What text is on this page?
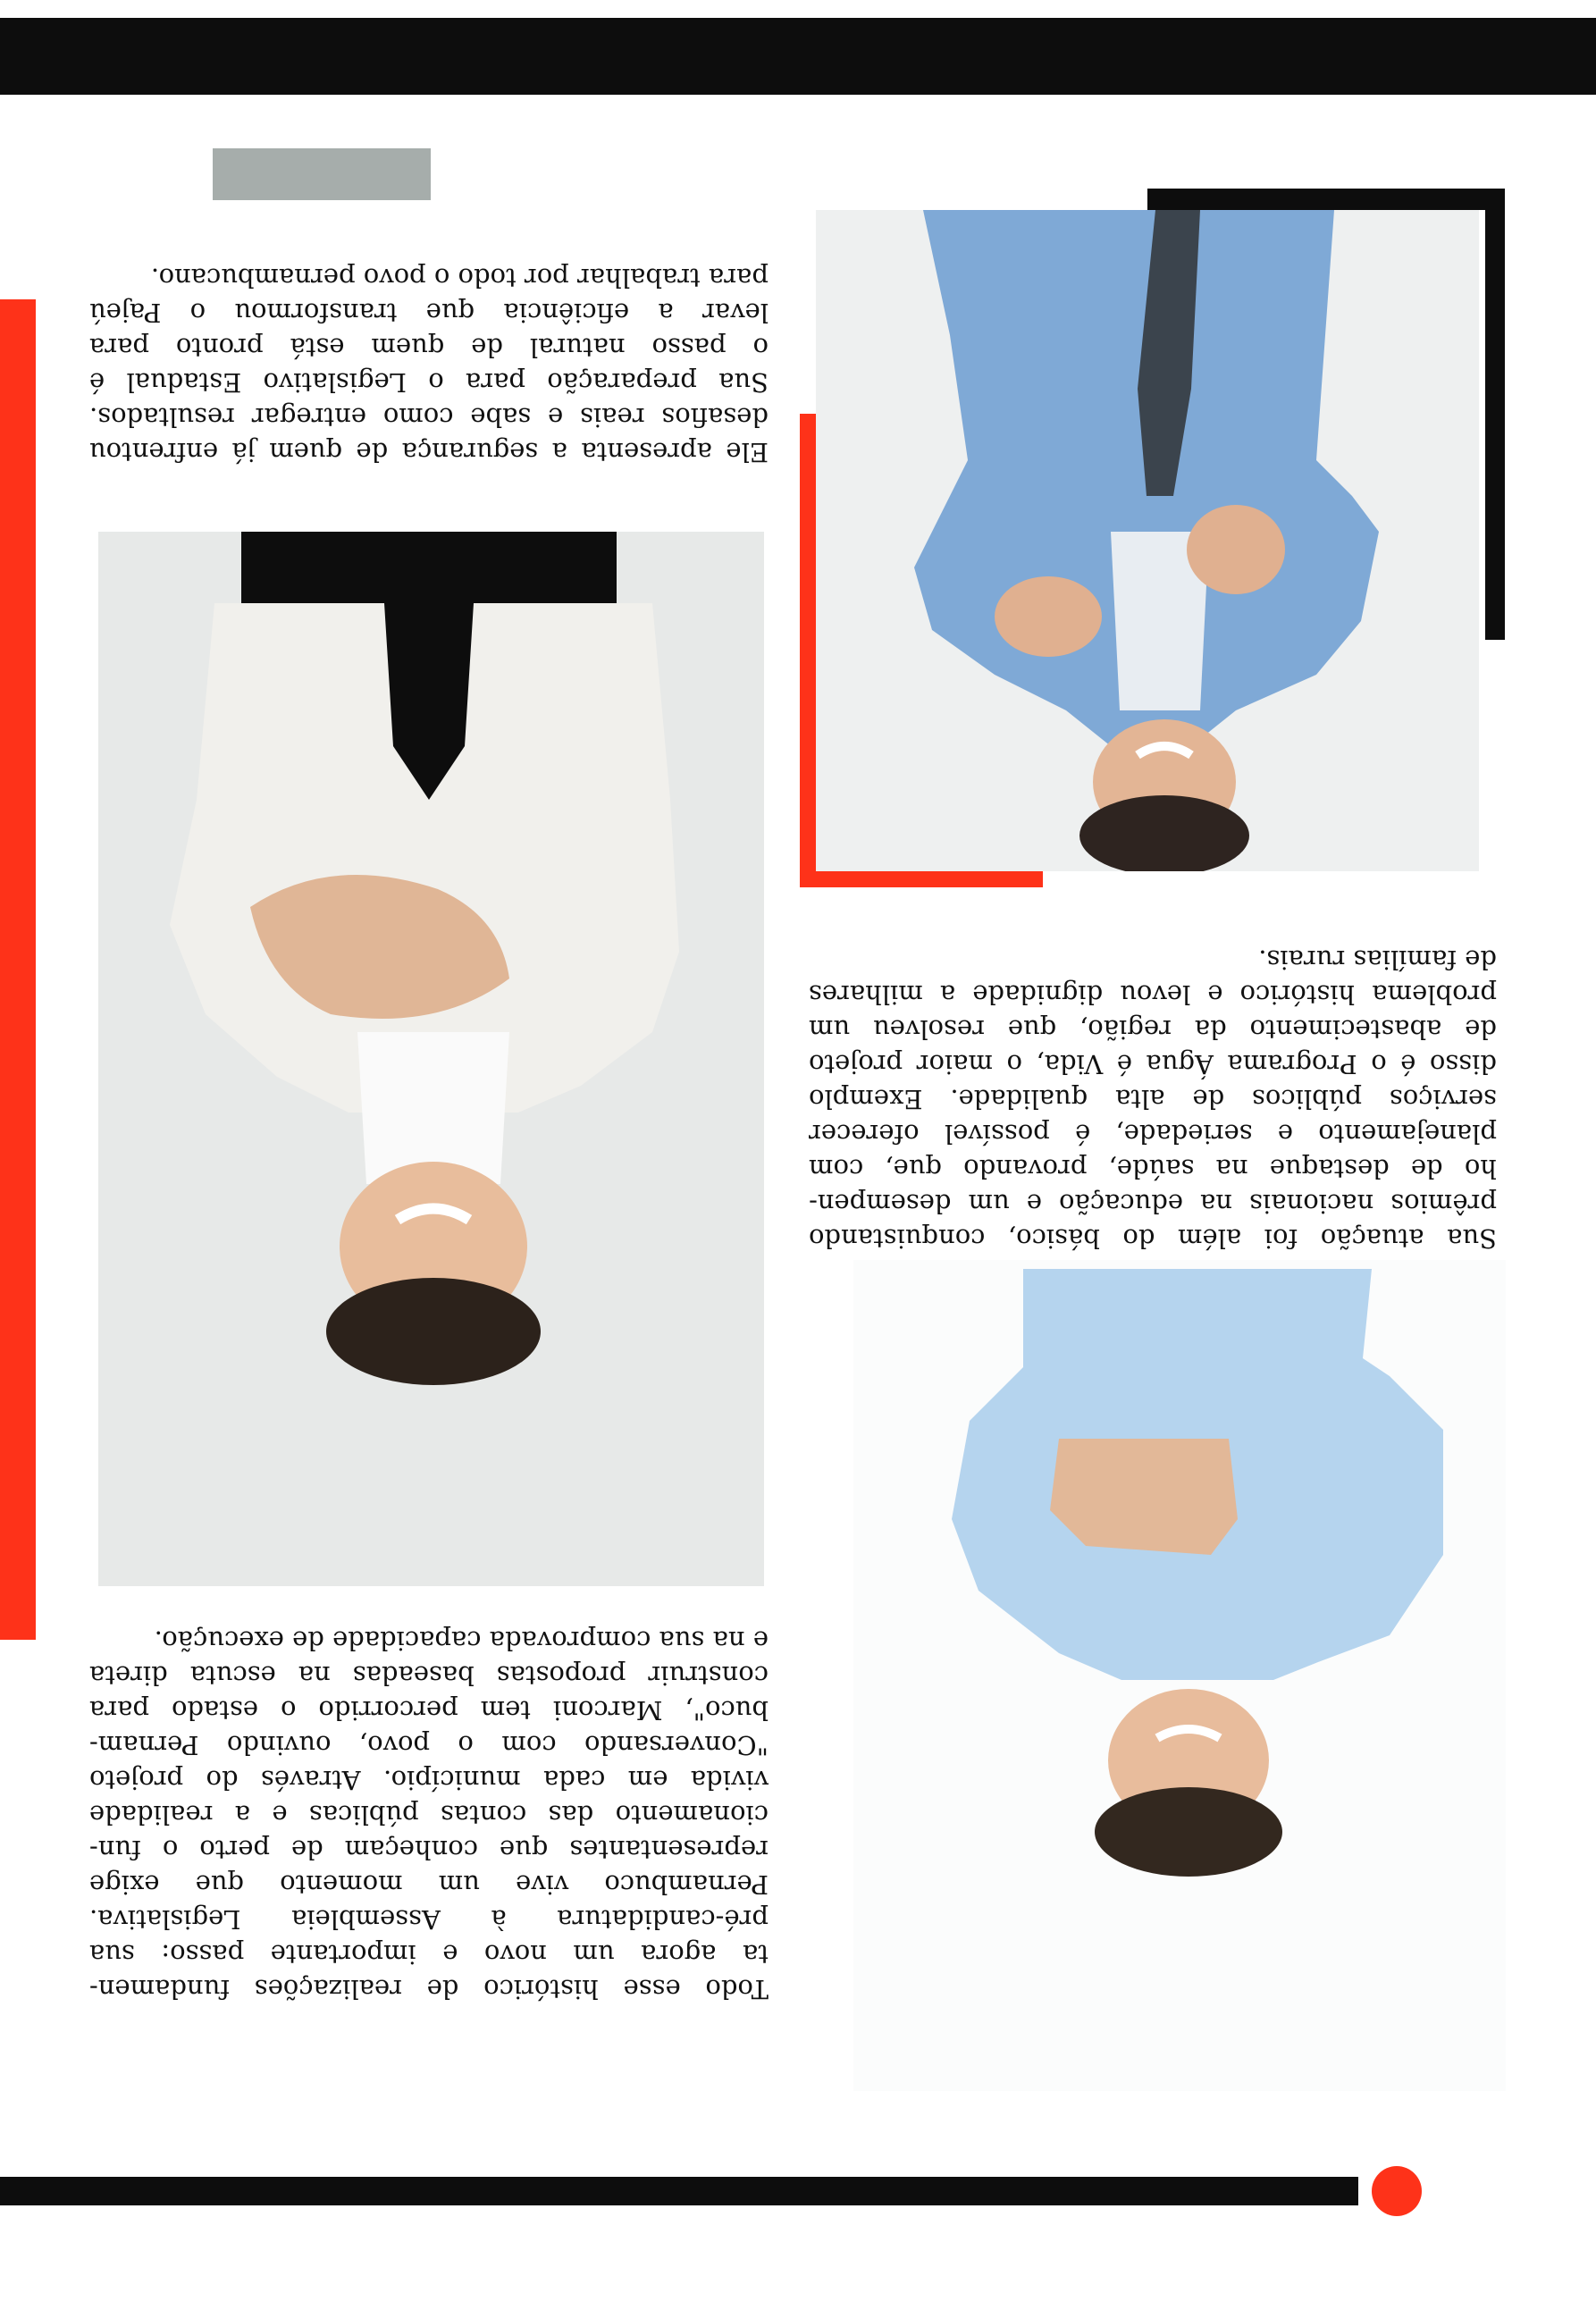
Sua atuação foi além do básico, conquistando
prêmios nacionais na educação e um desempen-
ho de destaque na saúde, provando que, com
planejamento e seriedade, é possível oferecer
serviços públicos de alta qualidade. Exemplo
disso é o Programa Água é Vida, o maior projeto
de abastecimento da região, que resolveu um
problema histórico e levou dignidade a milhares
de famílias rurais.

Ele apresenta a segurança de quem já enfrentou
desafios reais e sabe como entregar resultados.
Sua preparação para o Legislativo Estadual é
o passo natural de quem está pronto para
levar a eficiência que transformou o Pajeú
para trabalhar por todo o povo pernambucano.

Todo esse histórico de realizações fundamen-
ta agora um novo e importante passo: sua
pré-candidatura à Assembleia Legislativa.
Pernambuco vive um momento que exige
representantes que conheçam de perto o fun-
cionamento das contas públicas e a realidade
vivida em cada município. Através do projeto
"Conversando com o povo, ouvindo Pernam-
buco", Marconi tem percorrido o estado para
construir propostas baseadas na escuta direta
e na sua comprovada capacidade de execução.
